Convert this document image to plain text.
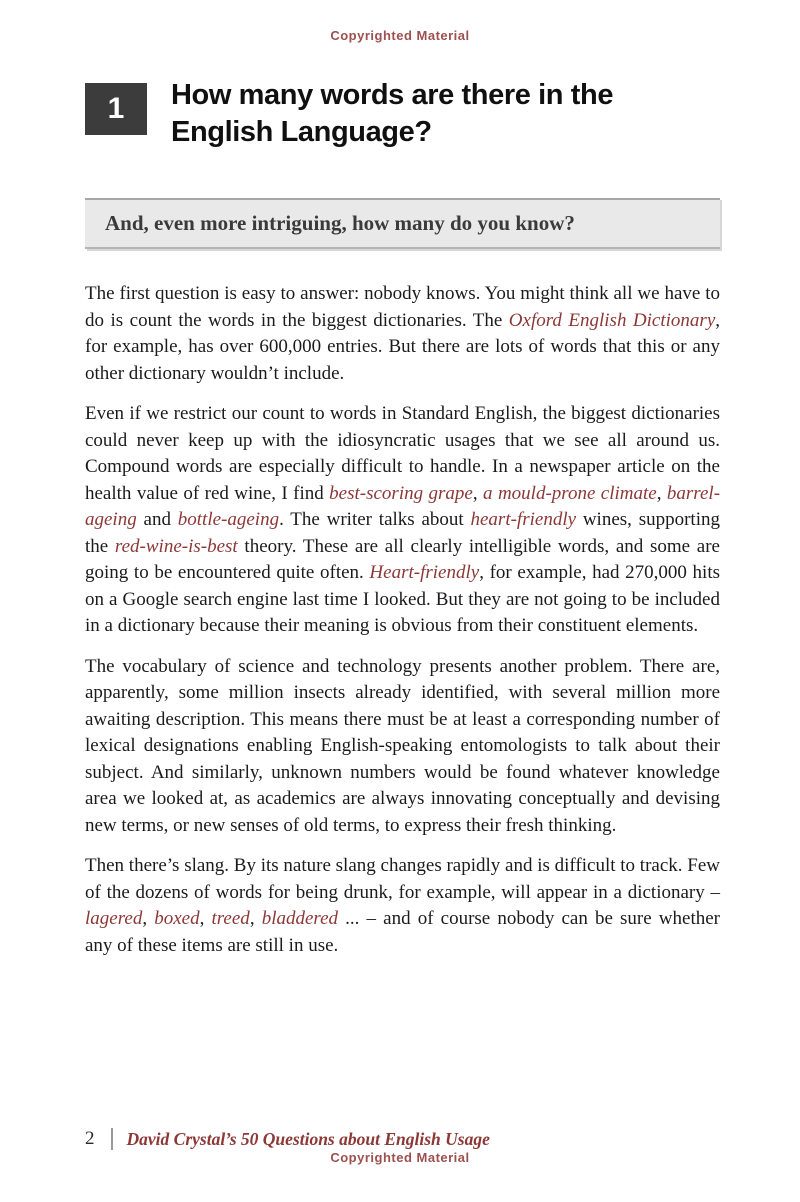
Copyrighted Material
1 How many words are there in the English Language?
And, even more intriguing, how many do you know?

The first question is easy to answer: nobody knows. You might think all we have to do is count the words in the biggest dictionaries. The Oxford English Dictionary, for example, has over 600,000 entries. But there are lots of words that this or any other dictionary wouldn’t include.

Even if we restrict our count to words in Standard English, the biggest dictionaries could never keep up with the idiosyncratic usages that we see all around us. Compound words are especially difficult to handle. In a newspaper article on the health value of red wine, I find best-scoring grape, a mould-prone climate, barrel-ageing and bottle-ageing. The writer talks about heart-friendly wines, supporting the red-wine-is-best theory. These are all clearly intelligible words, and some are going to be encountered quite often. Heart-friendly, for example, had 270,000 hits on a Google search engine last time I looked. But they are not going to be included in a dictionary because their meaning is obvious from their constituent elements.

The vocabulary of science and technology presents another problem. There are, apparently, some million insects already identified, with several million more awaiting description. This means there must be at least a corresponding number of lexical designations enabling English-speaking entomologists to talk about their subject. And similarly, unknown numbers would be found whatever knowledge area we looked at, as academics are always innovating conceptually and devising new terms, or new senses of old terms, to express their fresh thinking.

Then there’s slang. By its nature slang changes rapidly and is difficult to track. Few of the dozens of words for being drunk, for example, will appear in a dictionary – lagered, boxed, treed, bladdered ... – and of course nobody can be sure whether any of these items are still in use.

2 David Crystal’s 50 Questions about English Usage
Copyrighted Material
